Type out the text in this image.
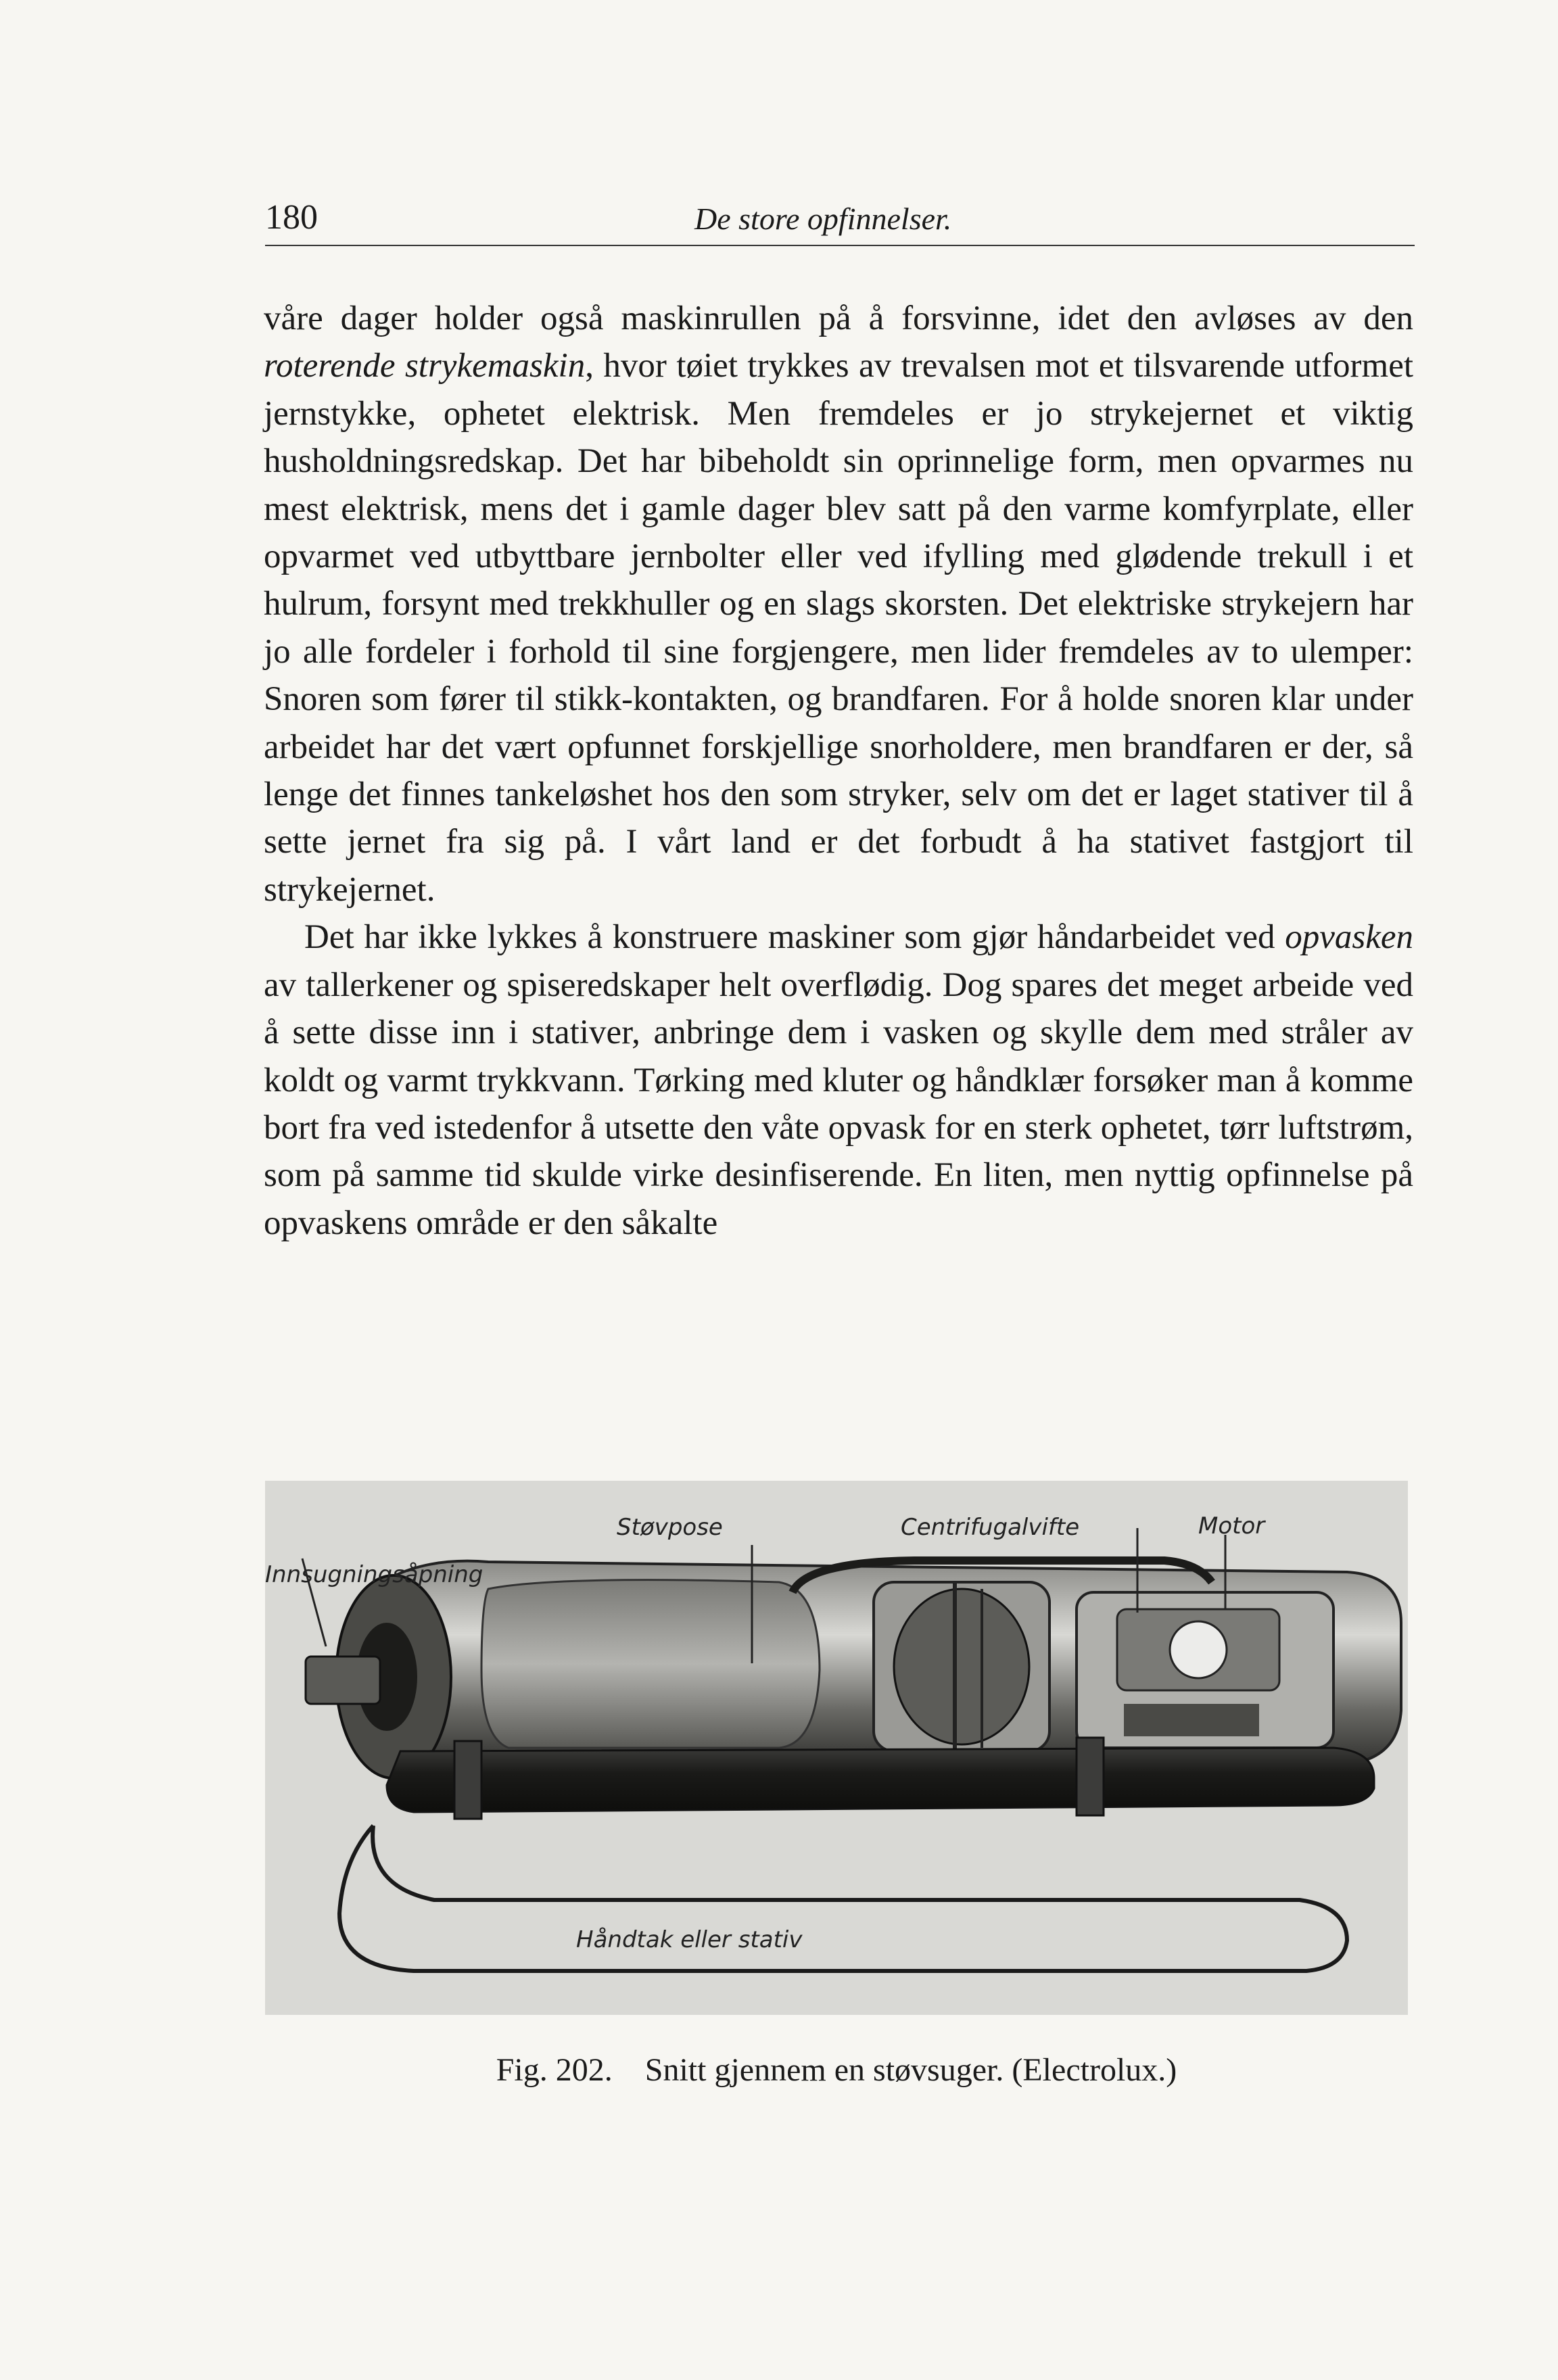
180	De store opfinnelser.

våre dager holder også maskinrullen på å forsvinne, idet den avløses av den roterende strykemaskin, hvor tøiet trykkes av trevalsen mot et tilsvarende utformet jernstykke, ophetet elektrisk. Men fremdeles er jo strykejernet et viktig husholdningsredskap. Det har bibeholdt sin oprinnelige form, men opvarmes nu mest elektrisk, mens det i gamle dager blev satt på den varme komfyrplate, eller opvarmet ved utbyttbare jernbolter eller ved ifylling med glødende trekull i et hulrum, forsynt med trekkhuller og en slags skorsten. Det elektriske strykejern har jo alle fordeler i forhold til sine forgjengere, men lider fremdeles av to ulemper: Snoren som fører til stikk-kontakten, og brandfaren. For å holde snoren klar under arbeidet har det vært opfunnet forskjellige snorholdere, men brandfaren er der, så lenge det finnes tankeløshet hos den som stryker, selv om det er laget stativer til å sette jernet fra sig på. I vårt land er det forbudt å ha stativet fastgjort til strykejernet.

Det har ikke lykkes å konstruere maskiner som gjør håndarbeidet ved opvasken av tallerkener og spiseredskaper helt overflødig. Dog spares det meget arbeide ved å sette disse inn i stativer, anbringe dem i vasken og skylle dem med stråler av koldt og varmt trykkvann. Tørking med kluter og håndklær forsøker man å komme bort fra ved istedenfor å utsette den våte opvask for en sterk ophetet, tørr luftstrøm, som på samme tid skulde virke desinfiserende. En liten, men nyttig opfinnelse på opvaskens område er den såkalte

Innsugningsåpning
Støvpose	Centrifugalvifte	Motor
Håndtak eller stativ
Fig. 202. Snitt gjennem en støvsuger. (Electrolux.)
